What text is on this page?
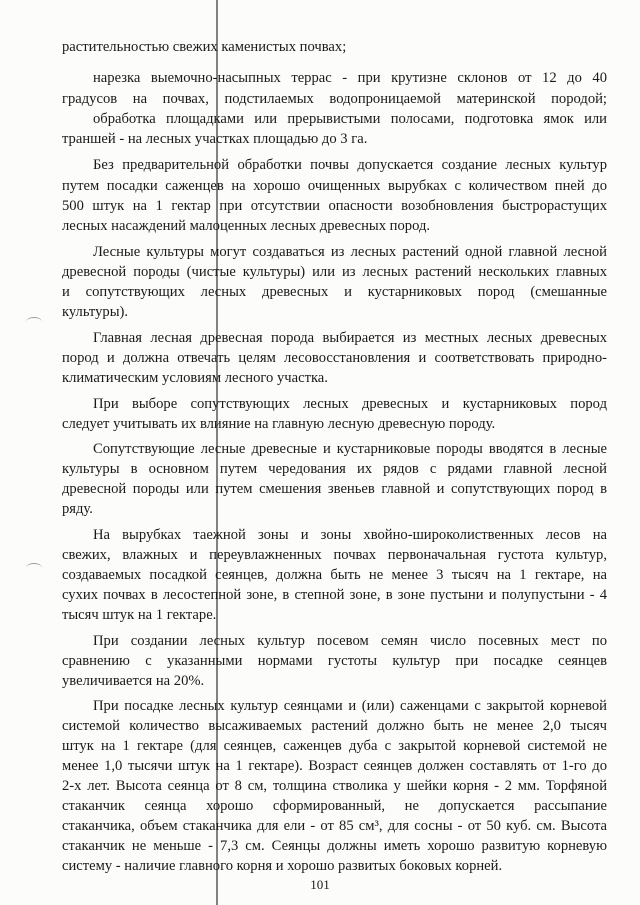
растительностью свежих каменистых почвах;
нарезка выемочно-насыпных террас - при крутизне склонов от 12 до 40
градусов на почвах, подстилаемых водопроницаемой материнской породой;
обработка площадками или прерывистыми полосами, подготовка ямок или
траншей - на лесных участках площадью до 3 га.
Без предварительной обработки почвы допускается создание лесных культур
путем посадки саженцев на хорошо очищенных вырубках с количеством пней до
500 штук на 1 гектар при отсутствии опасности возобновления быстрорастущих
лесных насаждений малоценных лесных древесных пород.
Лесные культуры могут создаваться из лесных растений одной главной лесной
древесной породы (чистые культуры) или из лесных растений нескольких главных
и сопутствующих лесных древесных и кустарниковых пород (смешанные
культуры).
Главная лесная древесная порода выбирается из местных лесных древесных
пород и должна отвечать целям лесовосстановления и соответствовать природно-
климатическим условиям лесного участка.
При выборе сопутствующих лесных древесных и кустарниковых пород
следует учитывать их влияние на главную лесную древесную породу.
Сопутствующие лесные древесные и кустарниковые породы вводятся в лесные
культуры в основном путем чередования их рядов с рядами главной лесной
древесной породы или путем смешения звеньев главной и сопутствующих пород в
ряду.
На вырубках таежной зоны и зоны хвойно-широколиственных лесов на
свежих, влажных и переувлажненных почвах первоначальная густота культур,
создаваемых посадкой сеянцев, должна быть не менее 3 тысяч на 1 гектаре, на
сухих почвах в лесостепной зоне, в степной зоне, в зоне пустыни и полупустыни - 4
тысяч штук на 1 гектаре.
При создании лесных культур посевом семян число посевных мест по
сравнению с указанными нормами густоты культур при посадке сеянцев
увеличивается на 20%.
При посадке лесных культур сеянцами и (или) саженцами с закрытой корневой
системой количество высаживаемых растений должно быть не менее 2,0 тысяч
штук на 1 гектаре (для сеянцев, саженцев дуба с закрытой корневой системой не
менее 1,0 тысячи штук на 1 гектаре). Возраст сеянцев должен составлять от 1-го до
2-х лет. Высота сеянца от 8 см, толщина стволика у шейки корня - 2 мм. Торфяной
стаканчик сеянца хорошо сформированный, не допускается рассыпание
стаканчика, объем стаканчика для ели - от 85 см³, для сосны - от 50 куб. см. Высота
стаканчик не меньше - 7,3 см. Сеянцы должны иметь хорошо развитую корневую
систему - наличие главного корня и хорошо развитых боковых корней.
101
